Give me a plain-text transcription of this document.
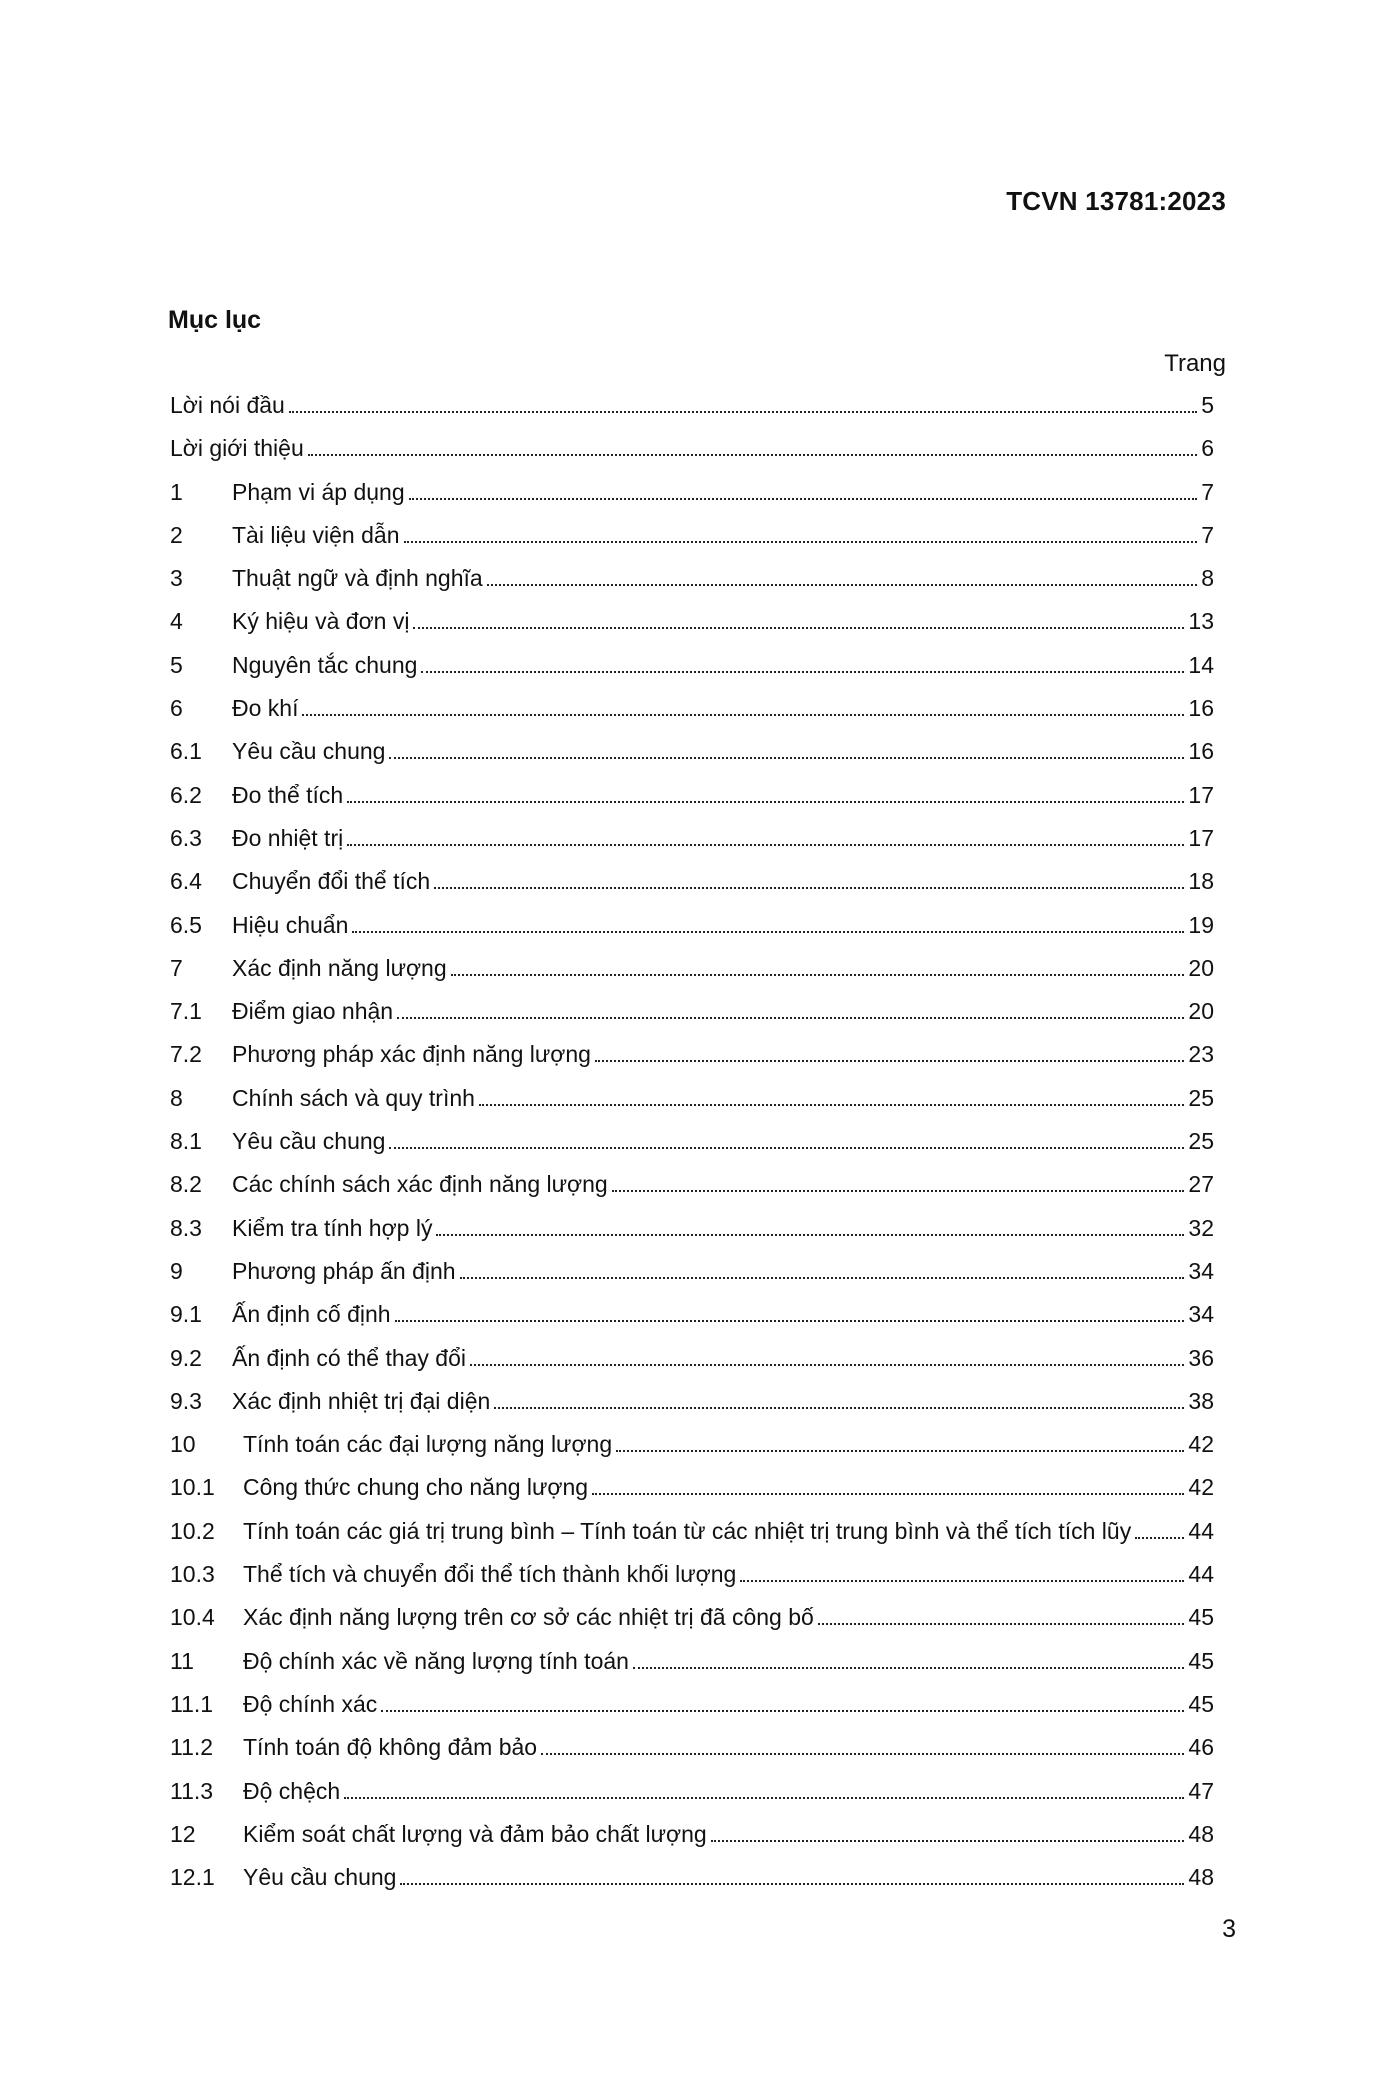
TCVN 13781:2023
Mục lục
Trang
Lời nói đầu	5
Lời giới thiệu	6
1	Phạm vi áp dụng	7
2	Tài liệu viện dẫn	7
3	Thuật ngữ và định nghĩa	8
4	Ký hiệu và đơn vị	13
5	Nguyên tắc chung	14
6	Đo khí	16
6.1	Yêu cầu chung	16
6.2	Đo thể tích	17
6.3	Đo nhiệt trị	17
6.4	Chuyển đổi thể tích	18
6.5	Hiệu chuẩn	19
7	Xác định năng lượng	20
7.1	Điểm giao nhận	20
7.2	Phương pháp xác định năng lượng	23
8	Chính sách và quy trình	25
8.1	Yêu cầu chung	25
8.2	Các chính sách xác định năng lượng	27
8.3	Kiểm tra tính hợp lý	32
9	Phương pháp ấn định	34
9.1	Ấn định cố định	34
9.2	Ấn định có thể thay đổi	36
9.3	Xác định nhiệt trị đại diện	38
10	Tính toán các đại lượng năng lượng	42
10.1	Công thức chung cho năng lượng	42
10.2	Tính toán các giá trị trung bình – Tính toán từ các nhiệt trị trung bình và thể tích tích lũy 44
10.3	Thể tích và chuyển đổi thể tích thành khối lượng	44
10.4	Xác định năng lượng trên cơ sở các nhiệt trị đã công bố	45
11	Độ chính xác về năng lượng tính toán	45
11.1	Độ chính xác	45
11.2	Tính toán độ không đảm bảo	46
11.3	Độ chệch	47
12	Kiểm soát chất lượng và đảm bảo chất lượng	48
12.1	Yêu cầu chung	48
3
